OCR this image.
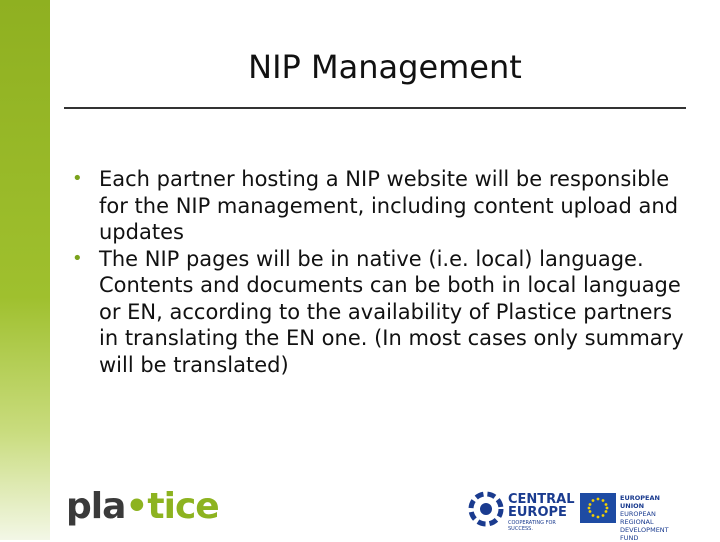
NIP Management
• Each partner hosting a NIP website will be responsible for the NIP management, including content upload and updates
• The NIP pages will be in native (i.e. local) language. Contents and documents can be both in local language or EN, according to the availability of Plastice partners in translating the EN one. (In most cases only summary will be translated)
pla•tice	CENTRAL
EUROPE
COOPERATING FOR SUCCESS.
EUROPEAN UNION
EUROPEAN REGIONAL
DEVELOPMENT FUND
